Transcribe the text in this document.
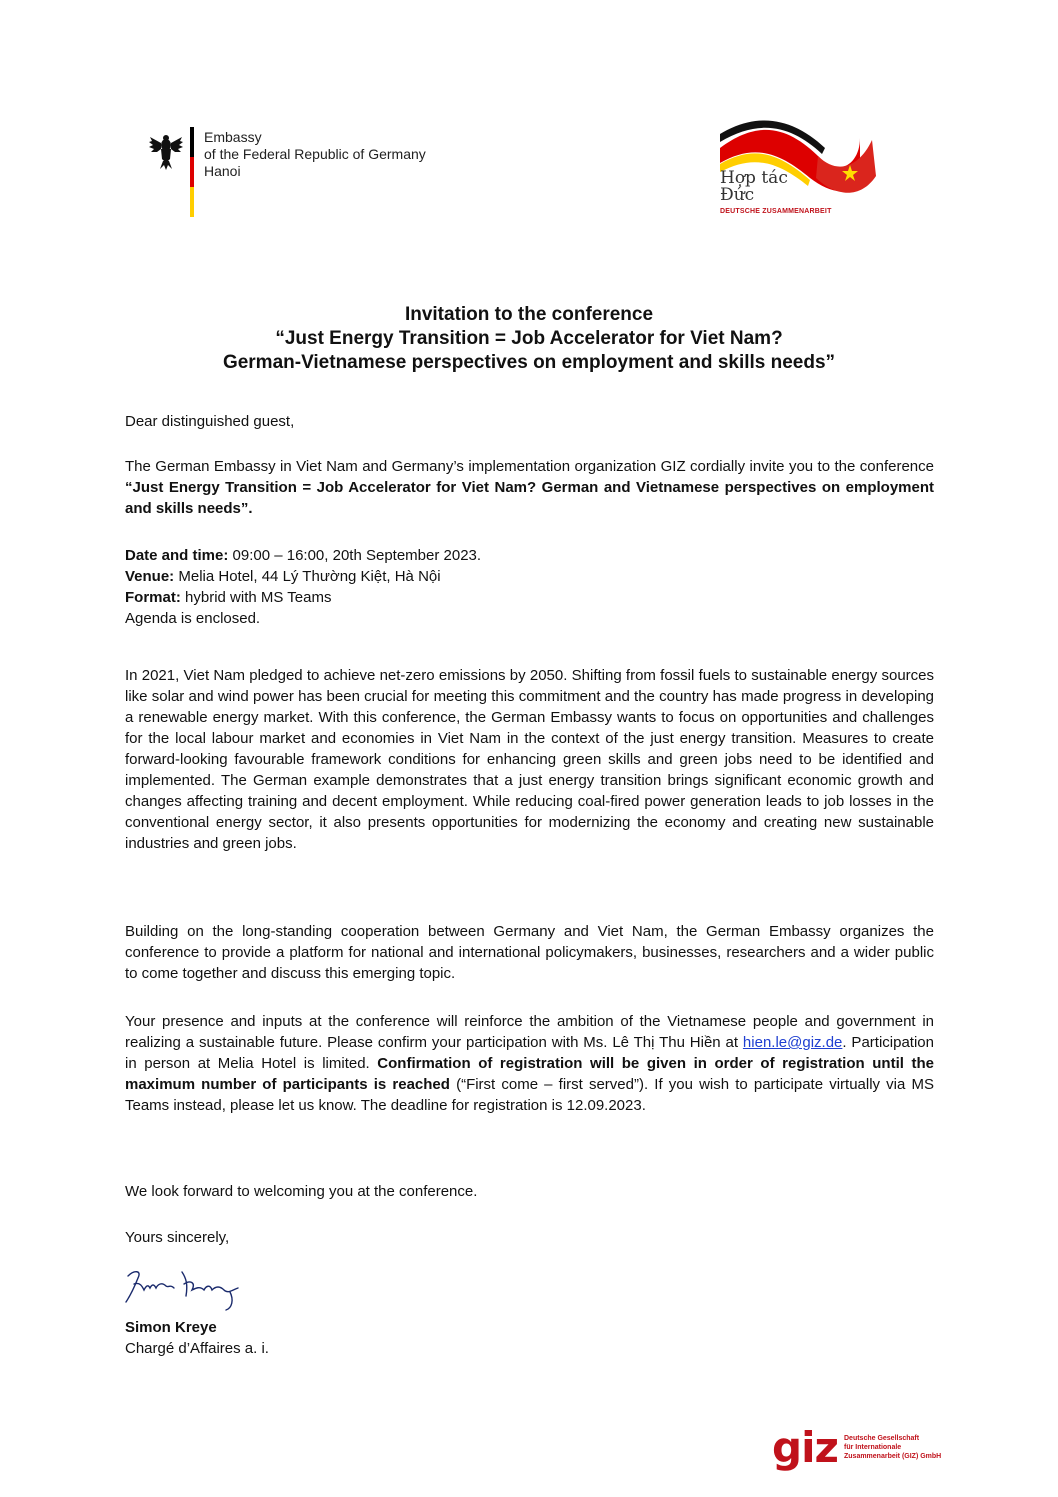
Embassy
of the Federal Republic of Germany
Hanoi	Hợp tác
Đức
DEUTSCHE ZUSAMMENARBEIT
Invitation to the conference
“Just Energy Transition = Job Accelerator for Viet Nam?
German-Vietnamese perspectives on employment and skills needs”
Dear distinguished guest,
The German Embassy in Viet Nam and Germany’s implementation organization GIZ cordially invite you to the conference “Just Energy Transition = Job Accelerator for Viet Nam? German and Vietnamese perspectives on employment and skills needs”.
Date and time: 09:00 – 16:00, 20th September 2023.
Venue: Melia Hotel, 44 Lý Thường Kiệt, Hà Nội
Format: hybrid with MS Teams
Agenda is enclosed.
In 2021, Viet Nam pledged to achieve net-zero emissions by 2050. Shifting from fossil fuels to sustainable energy sources like solar and wind power has been crucial for meeting this commitment and the country has made progress in developing a renewable energy market. With this conference, the German Embassy wants to focus on opportunities and challenges for the local labour market and economies in Viet Nam in the context of the just energy transition. Measures to create forward-looking favourable framework conditions for enhancing green skills and green jobs need to be identified and implemented. The German example demonstrates that a just energy transition brings significant economic growth and changes affecting training and decent employment. While reducing coal-fired power generation leads to job losses in the conventional energy sector, it also presents opportunities for modernizing the economy and creating new sustainable industries and green jobs.
Building on the long-standing cooperation between Germany and Viet Nam, the German Embassy organizes the conference to provide a platform for national and international policymakers, businesses, researchers and a wider public to come together and discuss this emerging topic.
Your presence and inputs at the conference will reinforce the ambition of the Vietnamese people and government in realizing a sustainable future. Please confirm your participation with Ms. Lê Thị Thu Hiền at hien.le@giz.de. Participation in person at Melia Hotel is limited. Confirmation of registration will be given in order of registration until the maximum number of participants is reached (“First come – first served”). If you wish to participate virtually via MS Teams instead, please let us know. The deadline for registration is 12.09.2023.
We look forward to welcoming you at the conference.
Yours sincerely,
Simon Kreye
Chargé d’Affaires a. i.
giz Deutsche Gesellschaft
für Internationale
Zusammenarbeit (GIZ) GmbH
